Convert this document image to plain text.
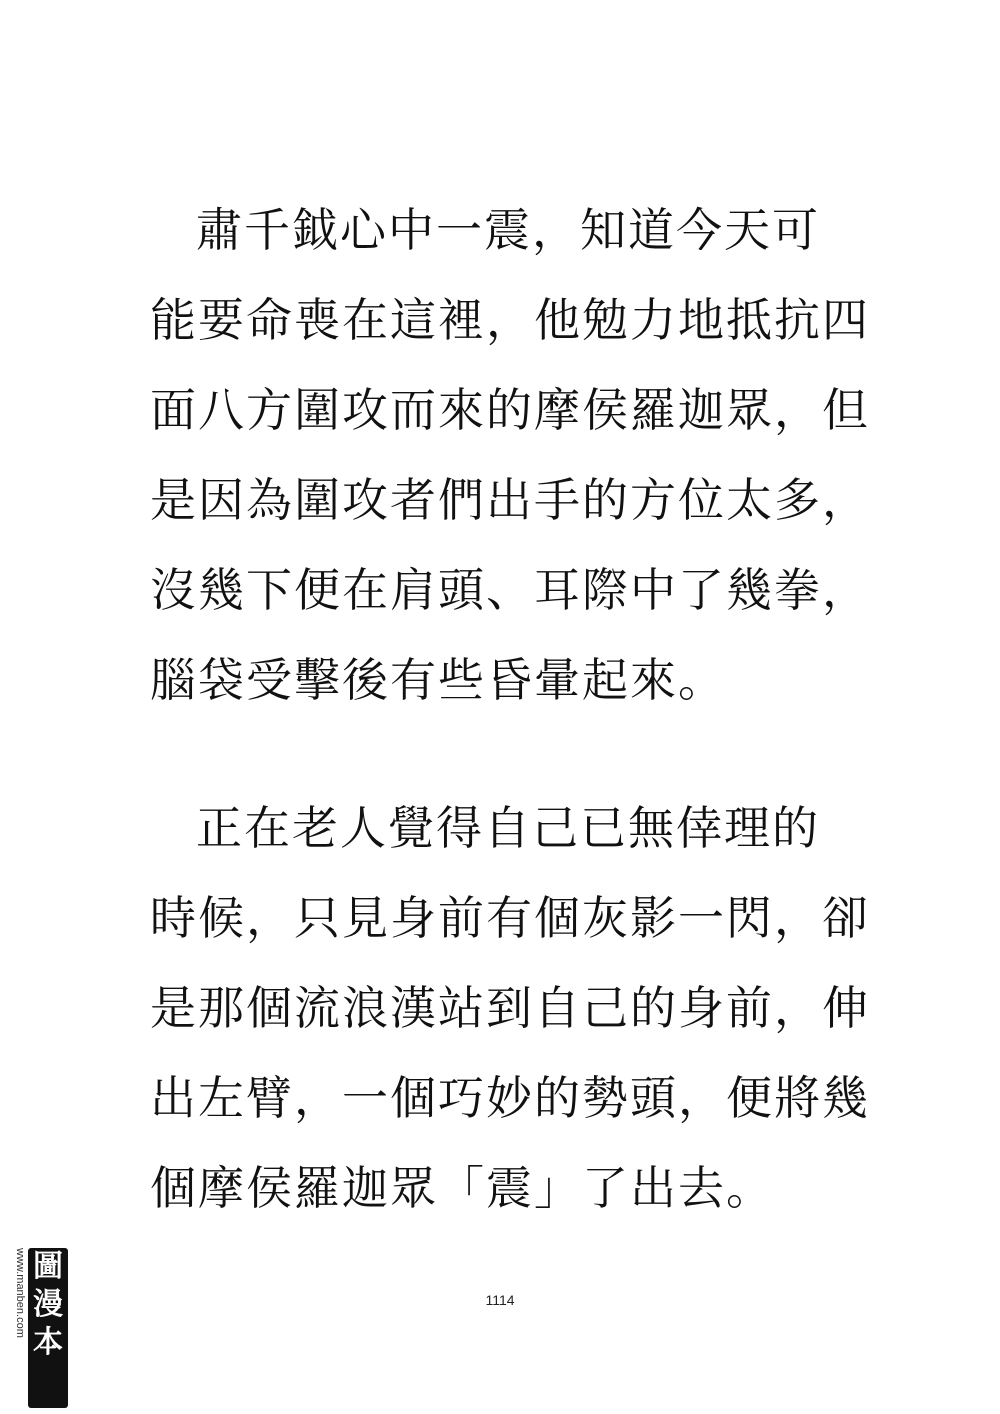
肅千鉞心中一震，知道今天可
能要命喪在這裡，他勉力地抵抗四
面八方圍攻而來的摩侯羅迦眾，但
是因為圍攻者們出手的方位太多，
沒幾下便在肩頭、耳際中了幾拳，
腦袋受擊後有些昏暈起來。
正在老人覺得自己已無倖理的
時候，只見身前有個灰影一閃，卻
是那個流浪漢站到自己的身前，伸
出左臂，一個巧妙的勢頭，便將幾
個摩侯羅迦眾「震」了出去。
1114
www.manben.com 圖
漫
本
